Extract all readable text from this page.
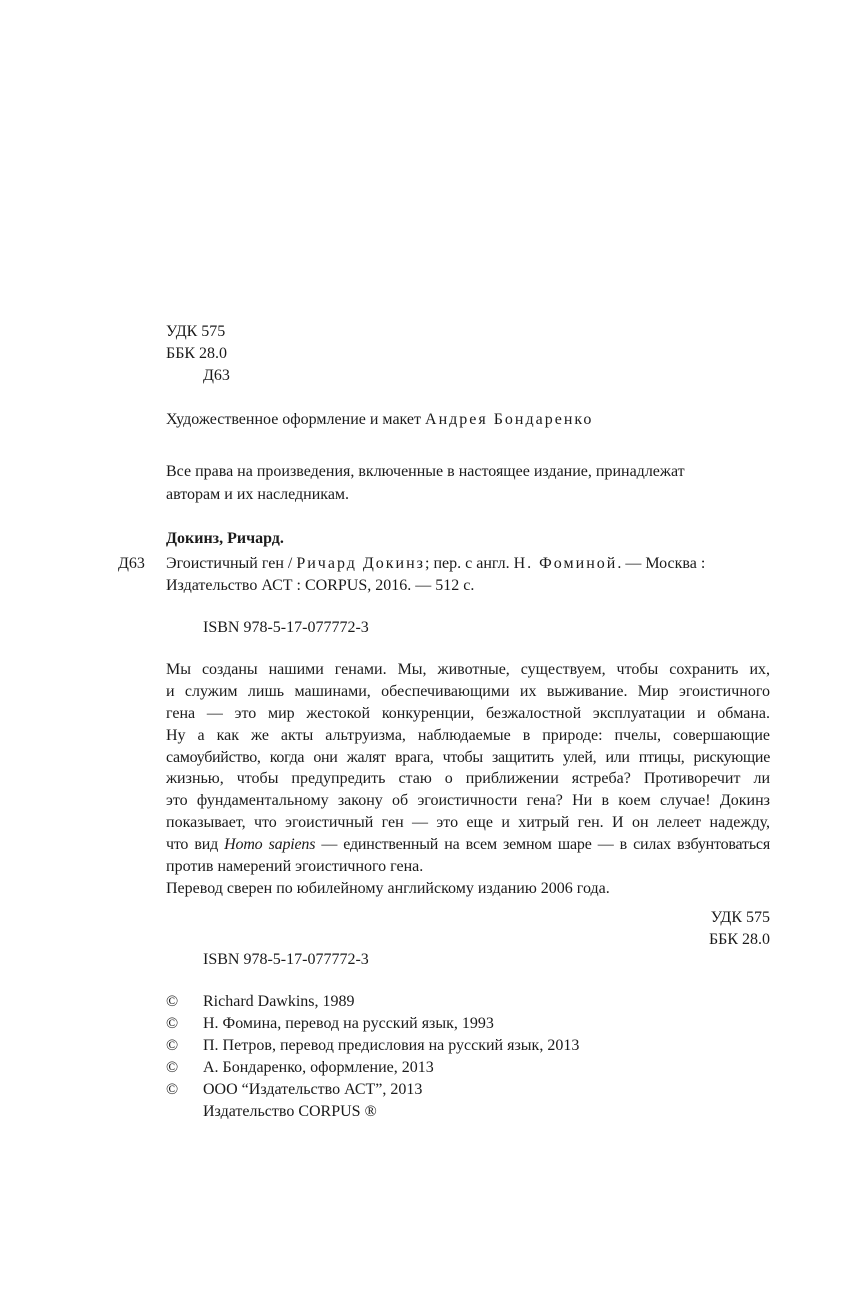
УДК 575
ББК 28.0
Д63
Художественное оформление и макет Андрея Бондаренко
Все права на произведения, включенные в настоящее издание, принадлежат
авторам и их наследникам.
Докинз, Ричард.
Д63 Эгоистичный ген / Ричард Докинз; пер. с англ. Н. Фоминой. — Москва :
Издательство АСТ : CORPUS, 2016. — 512 с.
ISBN 978-5-17-077772-3
Мы созданы нашими генами. Мы, животные, существуем, чтобы сохранить их,
и служим лишь машинами, обеспечивающими их выживание. Мир эгоистичного
гена — это мир жестокой конкуренции, безжалостной эксплуатации и обмана.
Ну а как же акты альтруизма, наблюдаемые в природе: пчелы, совершающие
самоубийство, когда они жалят врага, чтобы защитить улей, или птицы, рискующие
жизнью, чтобы предупредить стаю о приближении ястреба? Противоречит ли
это фундаментальному закону об эгоистичности гена? Ни в коем случае! Докинз
показывает, что эгоистичный ген — это еще и хитрый ген. И он лелеет надежду,
что вид Homo sapiens — единственный на всем земном шаре — в силах взбунтоваться
против намерений эгоистичного гена.
Перевод сверен по юбилейному английскому изданию 2006 года.
УДК 575
ББК 28.0
ISBN 978-5-17-077772-3
© Richard Dawkins, 1989
© Н. Фомина, перевод на русский язык, 1993
© П. Петров, перевод предисловия на русский язык, 2013
© А. Бондаренко, оформление, 2013
© ООО “Издательство АСТ”, 2013
Издательство CORPUS ®
